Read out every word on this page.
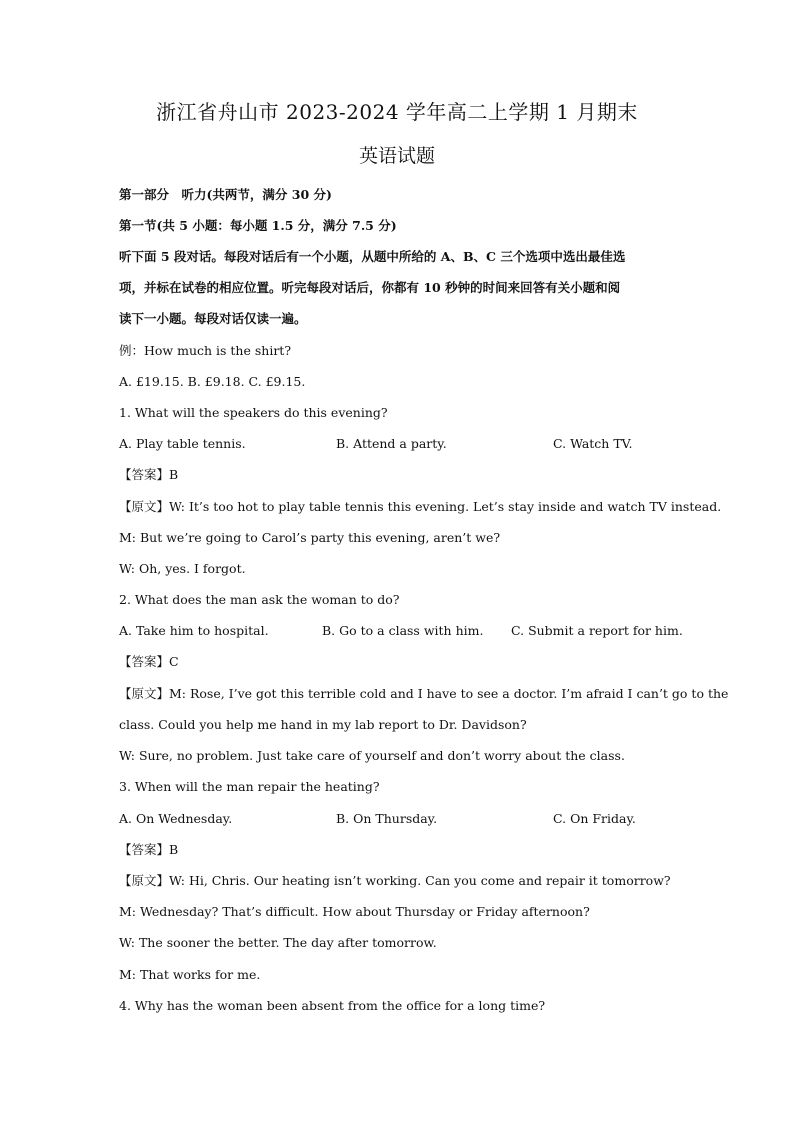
浙江省舟山市 2023-2024 学年高二上学期 1 月期末
英语试题
第一部分　听力(共两节，满分 30 分)
第一节(共 5 小题：每小题 1.5 分，满分 7.5 分)
听下面 5 段对话。每段对话后有一个小题，从题中所给的 A、B、C 三个选项中选出最佳选
项，并标在试卷的相应位置。听完每段对话后，你都有 10 秒钟的时间来回答有关小题和阅
读下一小题。每段对话仅读一遍。
例：How much is the shirt?
A. £19.15. B. £9.18. C. £9.15.
1. What will the speakers do this evening?
A. Play table tennis.	B. Attend a party.	C. Watch TV.
【答案】B
【原文】W: It’s too hot to play table tennis this evening. Let’s stay inside and watch TV instead.
M: But we’re going to Carol’s party this evening, aren’t we?
W: Oh, yes. I forgot.
2. What does the man ask the woman to do?
A. Take him to hospital.	B. Go to a class with him. C. Submit a report for him.
【答案】C
【原文】M: Rose, I’ve got this terrible cold and I have to see a doctor. I’m afraid I can’t go to the
class. Could you help me hand in my lab report to Dr. Davidson?
W: Sure, no problem. Just take care of yourself and don’t worry about the class.
3. When will the man repair the heating?
A. On Wednesday.	B. On Thursday.	C. On Friday.
【答案】B
【原文】W: Hi, Chris. Our heating isn’t working. Can you come and repair it tomorrow?
M: Wednesday? That’s difficult. How about Thursday or Friday afternoon?
W: The sooner the better. The day after tomorrow.
M: That works for me.
4. Why has the woman been absent from the office for a long time?
